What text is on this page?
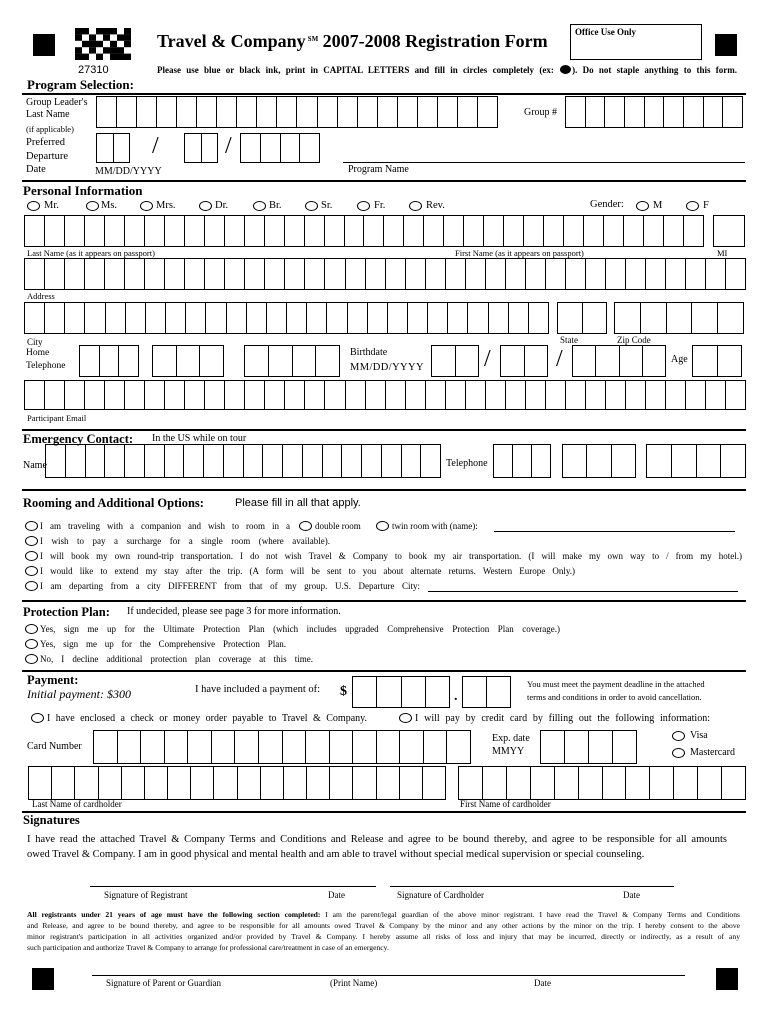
27310
Travel & Company ℠ 2007-2008 Registration Form	Office Use Only
Please use blue or black ink, print in CAPITAL LETTERS and fill in circles completely (ex: ). Do not staple anything to this form.
Program Selection:
Group Leader's
Last Name
(if applicable)
Group #
Preferred
Departure
Date
/	/
MM/DD/YYYY	Program Name
Personal Information
Mr.	Ms.	Mrs.	Dr.	Br.	Sr.	Fr.	Rev.	Gender:	M	F
Last Name (as it appears on passport)	First Name (as it appears on passport)	MI
Address
City	State	Zip Code
Home
Telephone
Birthdate
MM/DD/YYYY /	/	Age
Participant Email
Emergency Contact: In the US while on tour
Name	Telephone
Rooming and Additional Options:	Please fill in all that apply.
I am traveling with a companion and wish to room in a	double room	twin room with (name):
I wish to pay a surcharge for a single room (where available).
I will book my own round-trip transportation. I do not wish Travel & Company to book my air transportation. (I will make my own way to / from my hotel.)
I would like to extend my stay after the trip. (A form will be sent to you about alternate returns. Western Europe Only.)
I am departing from a city DIFFERENT from that of my group. U.S. Departure City:
Protection Plan: If undecided, please see page 3 for more information.
Yes, sign me up for the Ultimate Protection Plan (which includes upgraded Comprehensive Protection Plan coverage.)
Yes, sign me up for the Comprehensive Protection Plan.
No, I decline additional protection plan coverage at this time.
Payment:
Initial payment: $300	I have included a payment of: $	.
You must meet the payment deadline in the attached
terms and conditions in order to avoid cancellation.
I have enclosed a check or money order payable to Travel & Company.	I will pay by credit card by filling out the following information:
Card Number
Exp. date
MMYY
Visa
Mastercard
Last Name of cardholder	First Name of cardholder
Signatures
I have read the attached Travel & Company Terms and Conditions and Release and agree to be bound thereby, and agree to be responsible for all amounts
owed Travel & Company. I am in good physical and mental health and am able to travel without special medical supervision or special counseling.
Signature of Registrant	Date	Signature of Cardholder	Date
All registrants under 21 years of age must have the following section completed: I am the parent/legal guardian of the above minor registrant. I have read the Travel & Company Terms and Conditions
and Release, and agree to be bound thereby, and agree to be responsible for all amounts owed Travel & Company by the minor and any other actions by the minor on the trip. I hereby consent to the above
minor registrant's participation in all activities organized and/or provided by Travel & Company. I hereby assume all risks of loss and injury that may be incurred, directly or indirectly, as a result of any
such participation and authorize Travel & Company to arrange for professional care/treatment in case of an emergency.
Signature of Parent or Guardian	(Print Name)	Date
